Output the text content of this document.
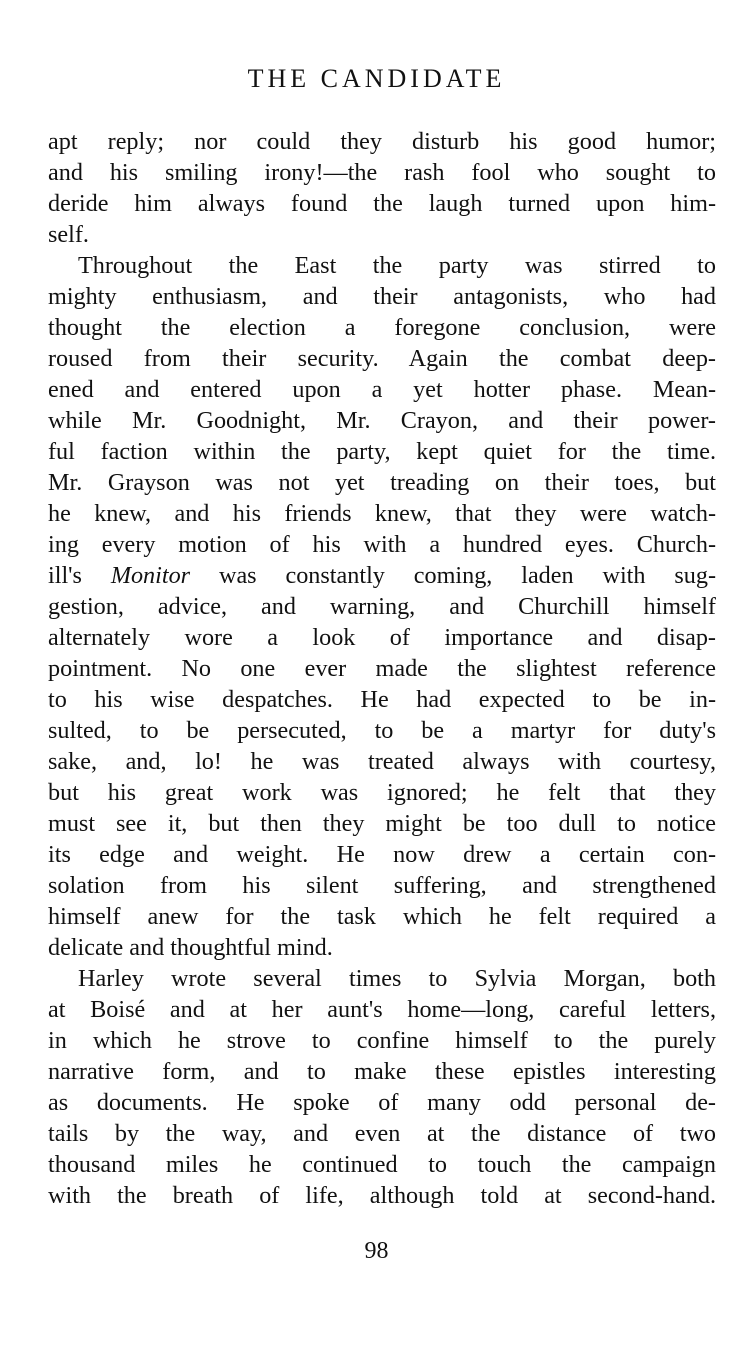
THE CANDIDATE
apt reply; nor could they disturb his good humor;
and his smiling irony!—the rash fool who sought to
deride him always found the laugh turned upon him-
self.
Throughout the East the party was stirred to
mighty enthusiasm, and their antagonists, who had
thought the election a foregone conclusion, were
roused from their security. Again the combat deep-
ened and entered upon a yet hotter phase. Mean-
while Mr. Goodnight, Mr. Crayon, and their power-
ful faction within the party, kept quiet for the time.
Mr. Grayson was not yet treading on their toes, but
he knew, and his friends knew, that they were watch-
ing every motion of his with a hundred eyes. Church-
ill's Monitor was constantly coming, laden with sug-
gestion, advice, and warning, and Churchill himself
alternately wore a look of importance and disap-
pointment. No one ever made the slightest reference
to his wise despatches. He had expected to be in-
sulted, to be persecuted, to be a martyr for duty's
sake, and, lo! he was treated always with courtesy,
but his great work was ignored; he felt that they
must see it, but then they might be too dull to notice
its edge and weight. He now drew a certain con-
solation from his silent suffering, and strengthened
himself anew for the task which he felt required a
delicate and thoughtful mind.
Harley wrote several times to Sylvia Morgan, both
at Boisé and at her aunt's home—long, careful letters,
in which he strove to confine himself to the purely
narrative form, and to make these epistles interesting
as documents. He spoke of many odd personal de-
tails by the way, and even at the distance of two
thousand miles he continued to touch the campaign
with the breath of life, although told at second-hand.
98
